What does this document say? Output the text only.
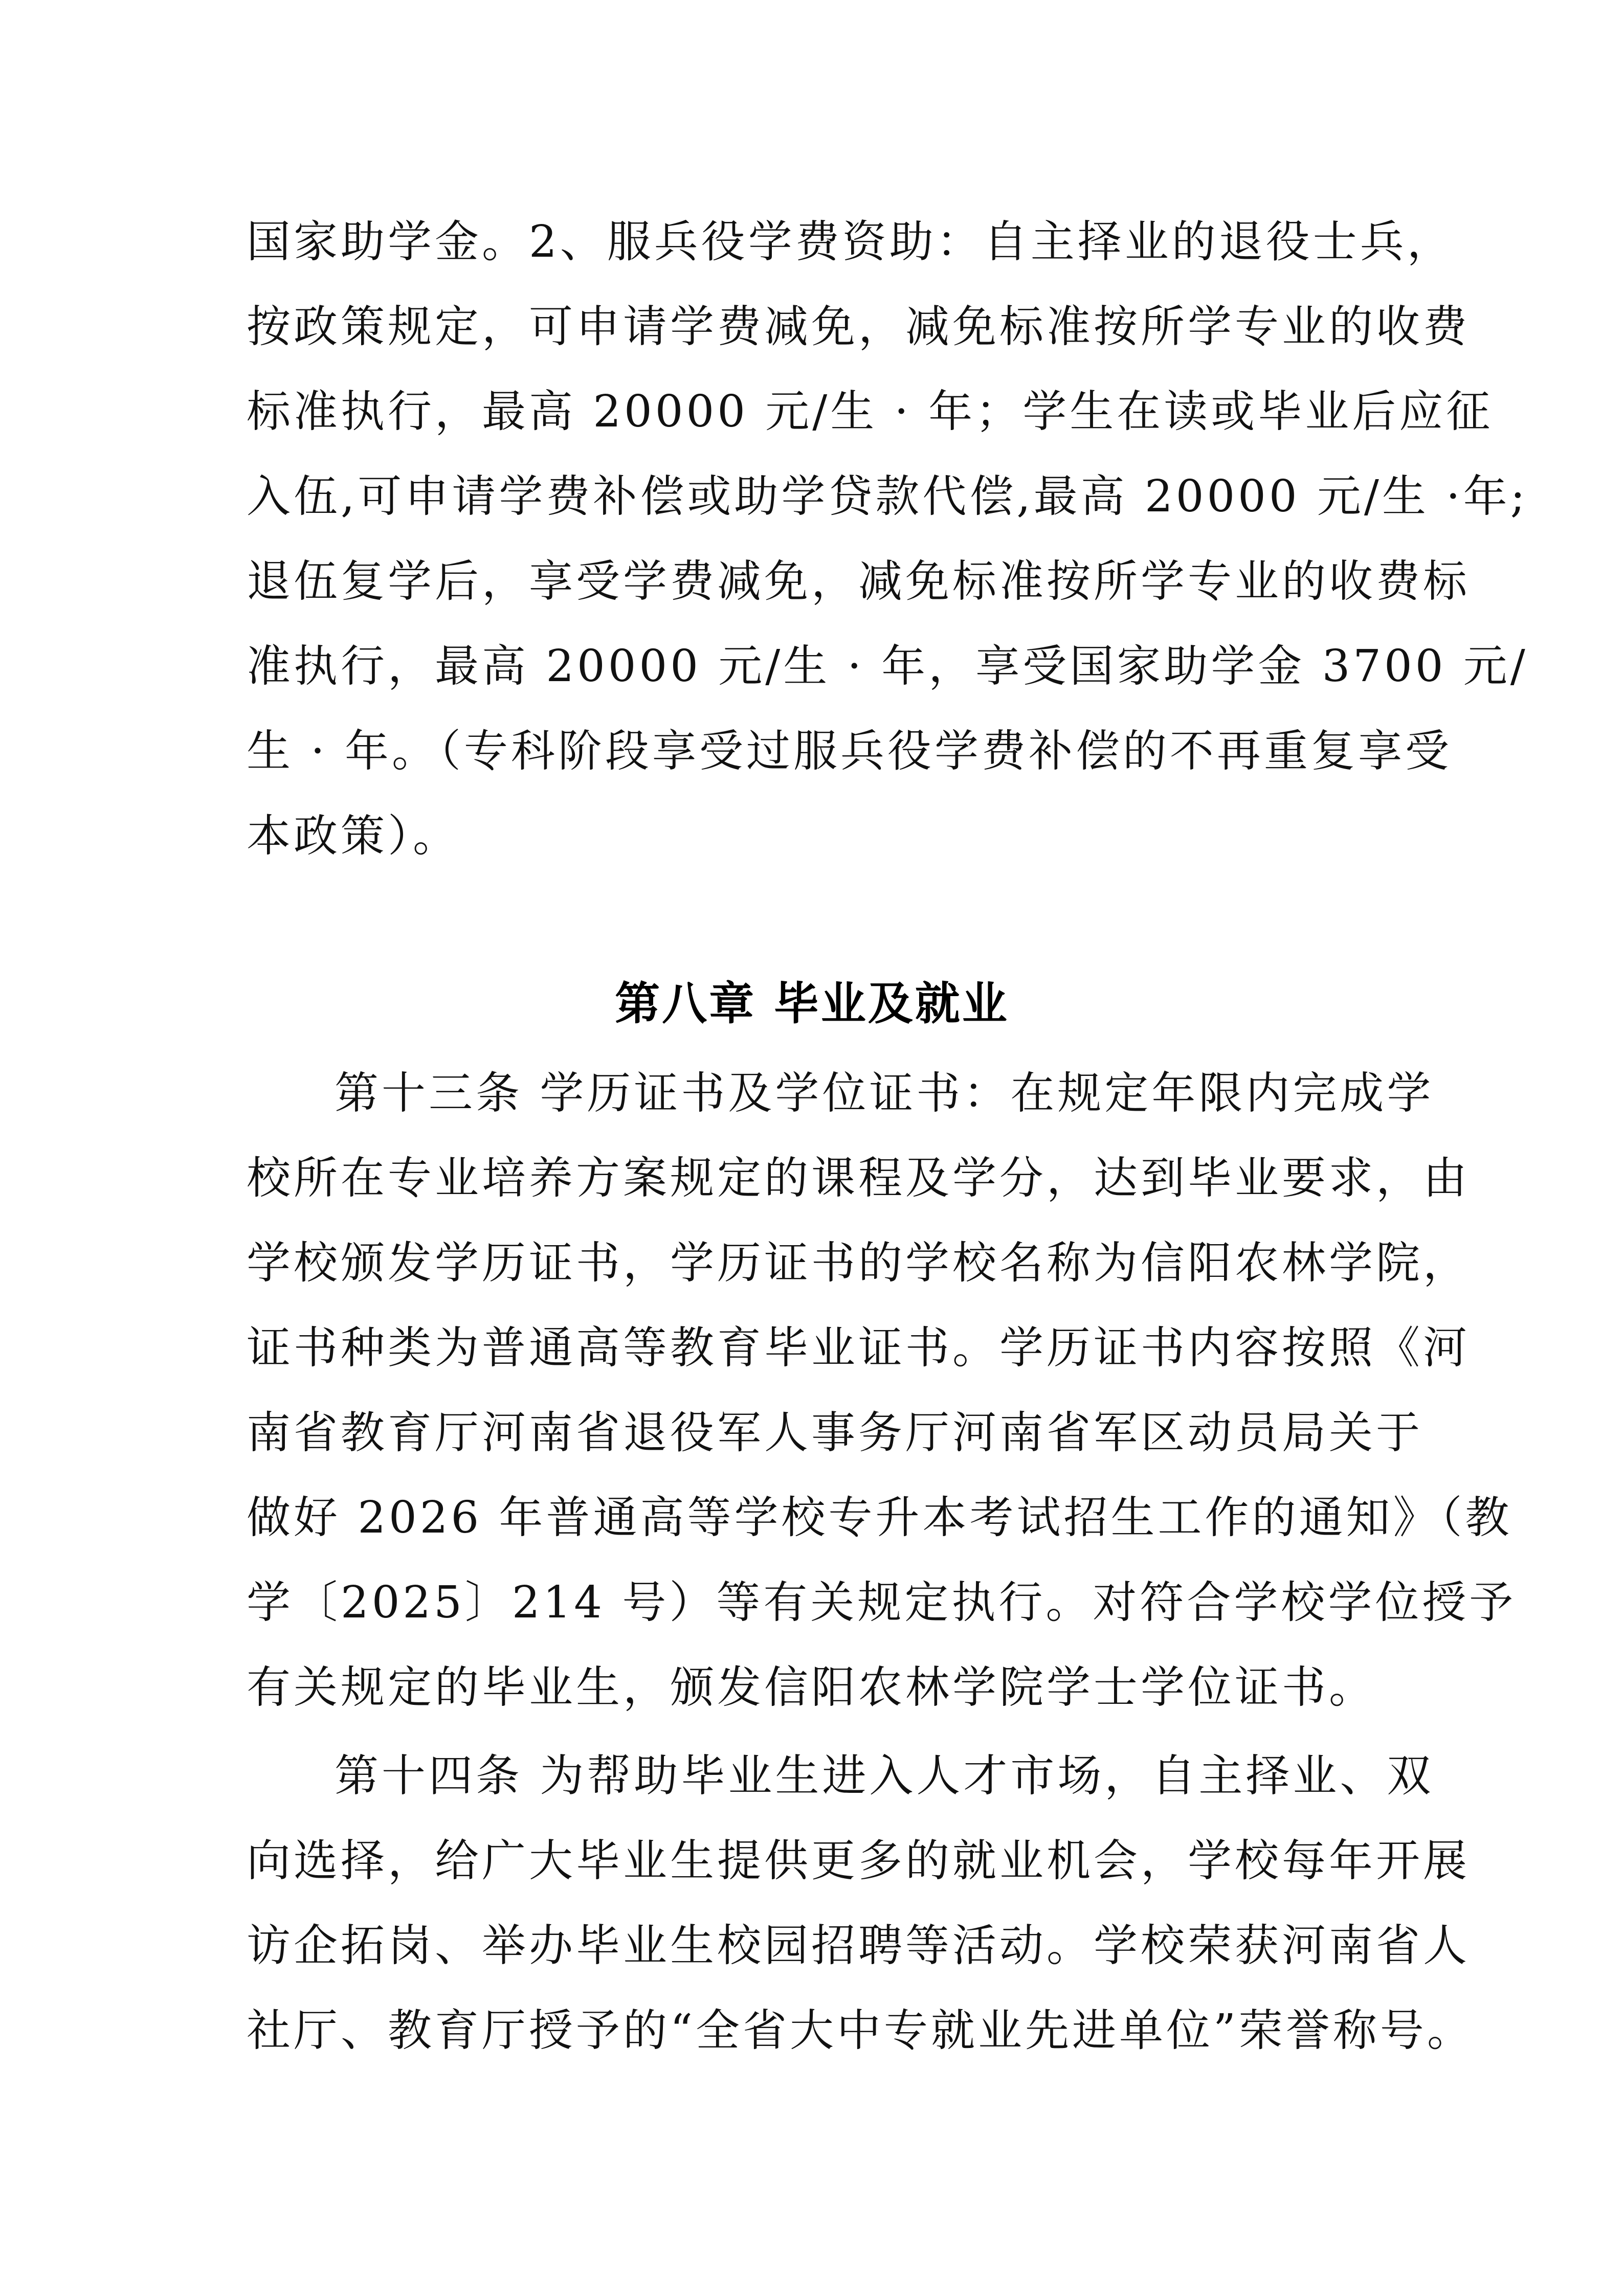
国家助学金。2、服兵役学费资助：自主择业的退役士兵，
按政策规定，可申请学费减免，减免标准按所学专业的收费
标准执行，最高 20000 元/生 · 年；学生在读或毕业后应征
入伍,可申请学费补偿或助学贷款代偿,最高 20000 元/生 ·年;
退伍复学后，享受学费减免，减免标准按所学专业的收费标
准执行，最高 20000 元/生 · 年，享受国家助学金 3700 元/
生 · 年。（专科阶段享受过服兵役学费补偿的不再重复享受
本政策）。
第八章 毕业及就业
第十三条 学历证书及学位证书：在规定年限内完成学
校所在专业培养方案规定的课程及学分，达到毕业要求，由
学校颁发学历证书，学历证书的学校名称为信阳农林学院，
证书种类为普通高等教育毕业证书。学历证书内容按照《河
南省教育厅河南省退役军人事务厅河南省军区动员局关于
做好 2026 年普通高等学校专升本考试招生工作的通知》（教
学〔2025〕214 号）等有关规定执行。对符合学校学位授予
有关规定的毕业生，颁发信阳农林学院学士学位证书。
第十四条 为帮助毕业生进入人才市场，自主择业、双
向选择，给广大毕业生提供更多的就业机会，学校每年开展
访企拓岗、举办毕业生校园招聘等活动。学校荣获河南省人
社厅、教育厅授予的“全省大中专就业先进单位”荣誉称号。
